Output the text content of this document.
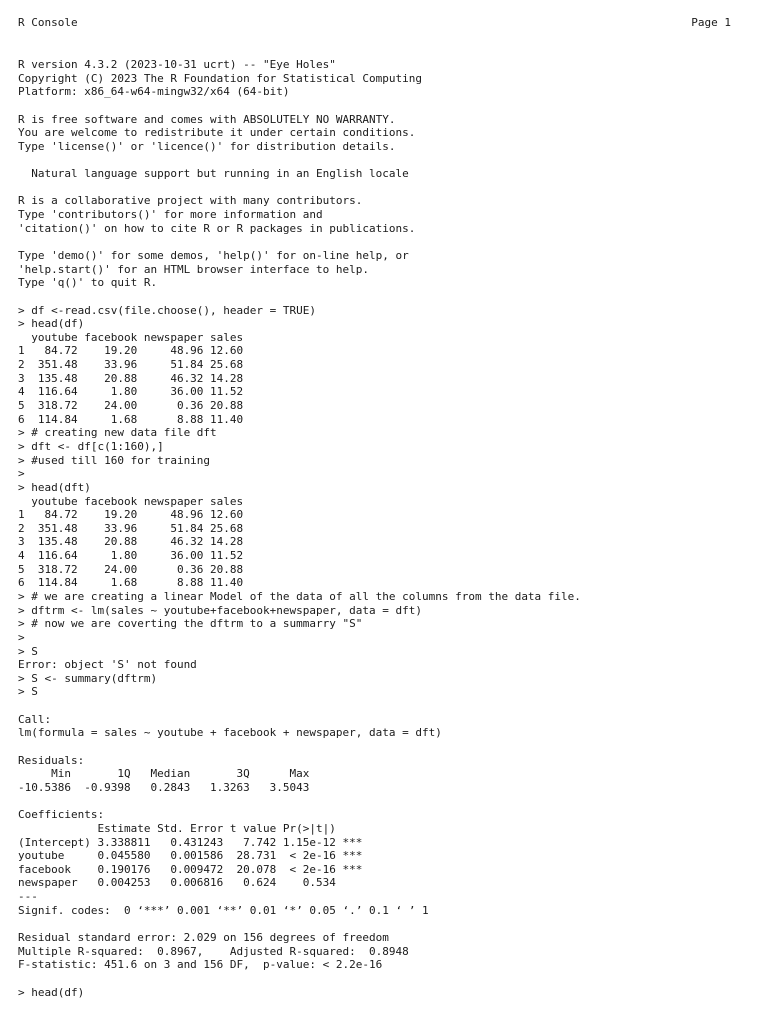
R Console	Page 1
R version 4.3.2 (2023-10-31 ucrt) -- "Eye Holes"
Copyright (C) 2023 The R Foundation for Statistical Computing
Platform: x86_64-w64-mingw32/x64 (64-bit)
R is free software and comes with ABSOLUTELY NO WARRANTY.
You are welcome to redistribute it under certain conditions.
Type 'license()' or 'licence()' for distribution details.
Natural language support but running in an English locale
R is a collaborative project with many contributors.
Type 'contributors()' for more information and
'citation()' on how to cite R or R packages in publications.
Type 'demo()' for some demos, 'help()' for on-line help, or
'help.start()' for an HTML browser interface to help.
Type 'q()' to quit R.
> df <-read.csv(file.choose(), header = TRUE)
> head(df)
youtube facebook newspaper sales
1   84.72    19.20     48.96 12.60
2  351.48    33.96     51.84 25.68
3  135.48    20.88     46.32 14.28
4  116.64     1.80     36.00 11.52
5  318.72    24.00      0.36 20.88
6  114.84     1.68      8.88 11.40
> # creating new data file dft
> dft <- df[c(1:160),]
> #used till 160 for training
>
> head(dft)
youtube facebook newspaper sales
1   84.72    19.20     48.96 12.60
2  351.48    33.96     51.84 25.68
3  135.48    20.88     46.32 14.28
4  116.64     1.80     36.00 11.52
5  318.72    24.00      0.36 20.88
6  114.84     1.68      8.88 11.40
> # we are creating a linear Model of the data of all the columns from the data file.
> dftrm <- lm(sales ~ youtube+facebook+newspaper, data = dft)
> # now we are coverting the dftrm to a summarry "S"
>
> S
Error: object 'S' not found
> S <- summary(dftrm)
> S
Call:
lm(formula = sales ~ youtube + facebook + newspaper, data = dft)
Residuals:
Min       1Q   Median       3Q      Max
-10.5386  -0.9398   0.2843   1.3263   3.5043
Coefficients:
Estimate Std. Error t value Pr(>|t|)
(Intercept) 3.338811   0.431243   7.742 1.15e-12 ***
youtube     0.045580   0.001586  28.731  < 2e-16 ***
facebook    0.190176   0.009472  20.078  < 2e-16 ***
newspaper   0.004253   0.006816   0.624    0.534
---
Signif. codes:  0 ‘***’ 0.001 ‘**’ 0.01 ‘*’ 0.05 ‘.’ 0.1 ‘ ’ 1
Residual standard error: 2.029 on 156 degrees of freedom
Multiple R-squared:  0.8967,	Adjusted R-squared:  0.8948
F-statistic: 451.6 on 3 and 156 DF,  p-value: < 2.2e-16
> head(df)
